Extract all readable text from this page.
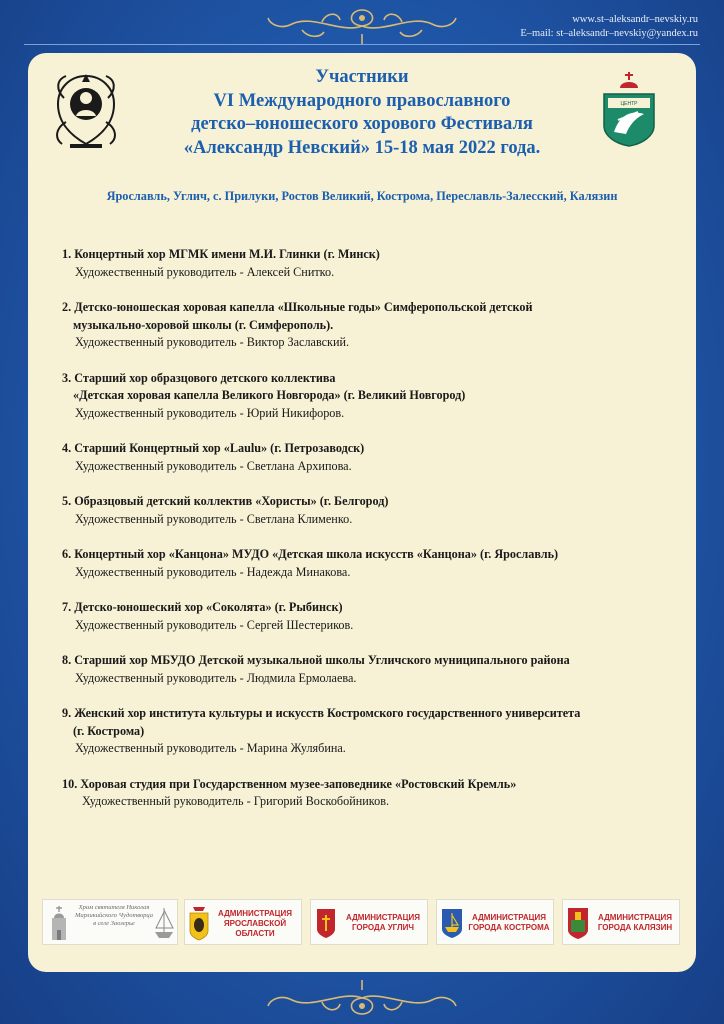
www.st–aleksandr–nevskiy.ru
E–mail: st–aleksandr–nevskiy@yandex.ru
ЦЕНТР
Участники
VI Международного православного
детско–юношеского хорового Фестиваля
«Александр Невский» 15-18 мая 2022 года.
Ярославль, Углич, с. Прилуки, Ростов Великий, Кострома, Переславль-Залесский, Калязин
1. Концертный хор МГМК имени М.И. Глинки (г. Минск)
Художественный руководитель - Алексей Снитко.
2. Детско-юношеская хоровая капелла «Школьные годы» Симферопольской детской
музыкально-хоровой школы (г. Симферополь).
Художественный руководитель - Виктор Заславский.
3. Старший хор образцового детского коллектива
«Детская хоровая капелла Великого Новгорода» (г. Великий Новгород)
Художественный руководитель - Юрий Никифоров.
4. Старший Концертный хор «Laulu» (г. Петрозаводск)
Художественный руководитель - Светлана Архипова.
5. Образцовый детский коллектив «Хористы» (г. Белгород)
Художественный руководитель - Светлана Клименко.
6. Концертный хор «Канцона» МУДО «Детская школа искусств «Канцона» (г. Ярославль)
Художественный руководитель - Надежда Минакова.
7. Детско-юношеский хор «Соколята» (г. Рыбинск)
Художественный руководитель - Сергей Шестериков.
8. Старший хор МБУДО Детской музыкальной школы Угличского муниципального района
Художественный руководитель - Людмила Ермолаева.
9. Женский хор института культуры и искусств Костромского государственного университета
(г. Кострома)
Художественный руководитель - Марина Жулябина.
10. Хоровая студия при Государственном музее-заповеднике «Ростовский Кремль»
Художественный руководитель - Григорий Воскобойников.
Храм святителя Николая Мирликийского Чудотворца в селе Заозерье
АДМИНИСТРАЦИЯ
ЯРОСЛАВСКОЙ
ОБЛАСТИ
АДМИНИСТРАЦИЯ
ГОРОДА УГЛИЧ
АДМИНИСТРАЦИЯ
ГОРОДА КОСТРОМА
АДМИНИСТРАЦИЯ
ГОРОДА КАЛЯЗИН
